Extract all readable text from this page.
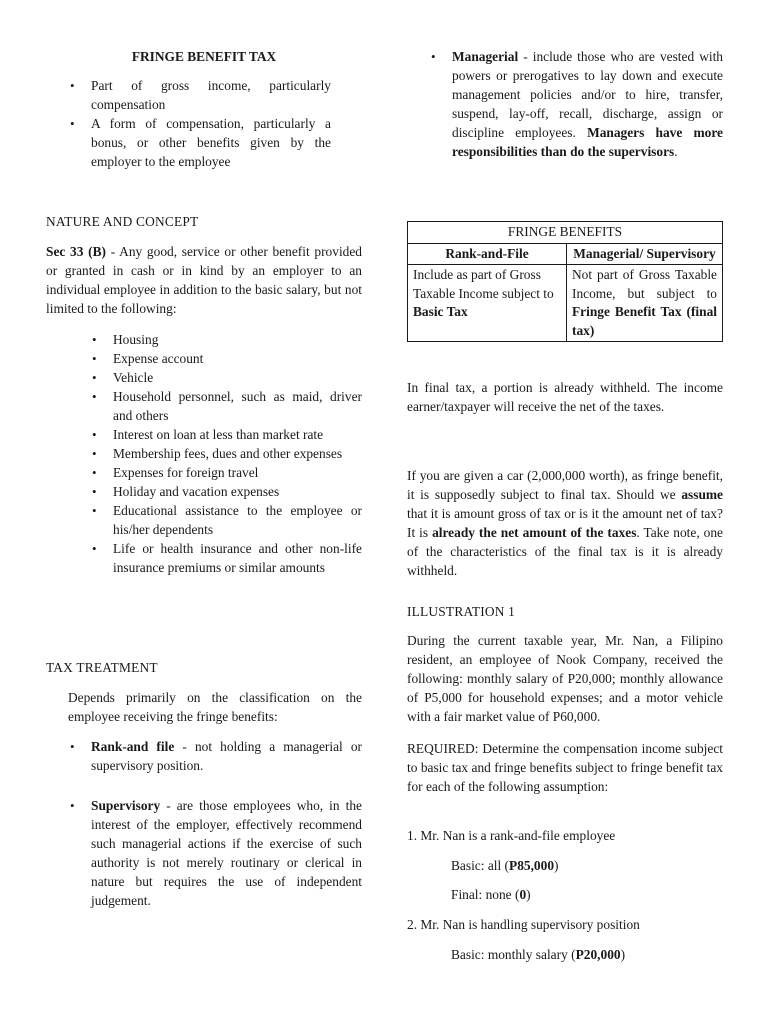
FRINGE BENEFIT TAX
• Part of gross income, particularly compensation
• A form of compensation, particularly a bonus, or other benefits given by the employer to the employee
NATURE AND CONCEPT

Sec 33 (B) - Any good, service or other benefit provided or granted in cash or in kind by an employer to an individual employee in addition to the basic salary, but not limited to the following:

• Housing
• Expense account
• Vehicle
• Household personnel, such as maid, driver and others
• Interest on loan at less than market rate
• Membership fees, dues and other expenses
• Expenses for foreign travel
• Holiday and vacation expenses
• Educational assistance to the employee or his/her dependents
• Life or health insurance and other non-life insurance premiums or similar amounts
TAX TREATMENT

Depends primarily on the classification on the employee receiving the fringe benefits:

• Rank-and file - not holding a managerial or supervisory position.
• Supervisory - are those employees who, in the interest of the employer, effectively recommend such managerial actions if the exercise of such authority is not merely routinary or clerical in nature but requires the use of independent judgement.
• Managerial - include those who are vested with powers or prerogatives to lay down and execute management policies and/or to hire, transfer, suspend, lay-off, recall, discharge, assign or discipline employees. Managers have more responsibilities than do the supervisors.
FRINGE BENEFITS	
Rank-and-File	Managerial/ Supervisory
Include as part of Gross Taxable Income subject to Basic Tax	Not part of Gross Taxable Income, but subject to Fringe Benefit Tax (final tax)

In final tax, a portion is already withheld. The income earner/taxpayer will receive the net of the taxes.

If you are given a car (2,000,000 worth), as fringe benefit, it is supposedly subject to final tax. Should we assume that it is amount gross of tax or is it the amount net of tax? It is already the net amount of the taxes. Take note, one of the characteristics of the final tax is it is already withheld.

ILLUSTRATION 1

During the current taxable year, Mr. Nan, a Filipino resident, an employee of Nook Company, received the following: monthly salary of P20,000; monthly allowance of P5,000 for household expenses; and a motor vehicle with a fair market value of P60,000.

REQUIRED: Determine the compensation income subject to basic tax and fringe benefits subject to fringe benefit tax for each of the following assumption:

1. Mr. Nan is a rank-and-file employee

Basic: all (P85,000)

Final: none (0)

2. Mr. Nan is handling supervisory position

Basic: monthly salary (P20,000)
